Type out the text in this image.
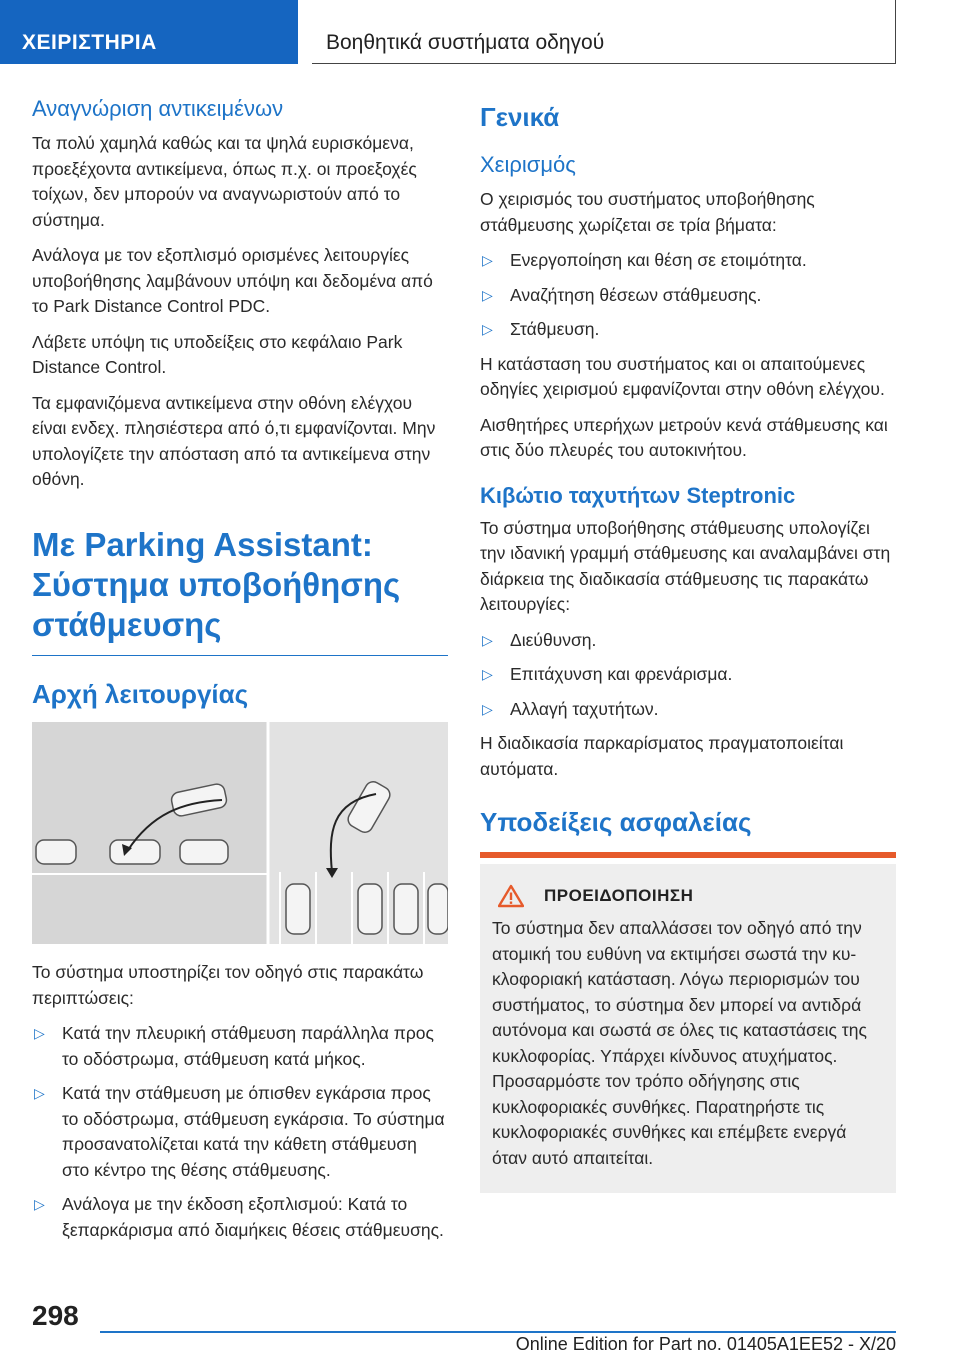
ΧΕΙΡΙΣΤΗΡΙΑ	Βοηθητικά συστήματα οδηγού
Αναγνώριση αντικειμένων

Τα πολύ χαμηλά καθώς και τα ψηλά ευρισκόμενα, προεξέχοντα αντικείμενα, όπως π.χ. οι προεξοχές τοίχων, δεν μπορούν να αναγνωριστούν από το σύστημα.

Ανάλογα με τον εξοπλισμό ορισμένες λειτουργίες υποβοήθησης λαμβάνουν υπόψη και δεδομένα από το Park Distance Control PDC.

Λάβετε υπόψη τις υποδείξεις στο κεφάλαιο Park Distance Control.

Τα εμφανιζόμενα αντικείμενα στην οθόνη ελέγχου είναι ενδεχ. πλησιέστερα από ό,τι εμφανίζονται. Μην υπολογίζετε την απόσταση από τα αντικείμενα στην οθόνη.

Με Parking Assistant:
Σύστημα υποβοήθησης
στάθμευσης
Αρχή λειτουργίας

Το σύστημα υποστηρίζει τον οδηγό στις παρακάτω περιπτώσεις:

▷ Κατά την πλευρική στάθμευση παράλληλα προς το οδόστρωμα, στάθμευση κατά μήκος.
▷ Κατά την στάθμευση με όπισθεν εγκάρσια προς το οδόστρωμα, στάθμευση εγκάρσια. Το σύστημα προσανατολίζεται κατά την κάθετη στάθμευση στο κέντρο της θέσης στάθμευσης.
▷ Ανάλογα με την έκδοση εξοπλισμού: Κατά το ξεπαρκάρισμα από διαμήκεις θέσεις στάθμευσης.
Γενικά
Χειρισμός

Ο χειρισμός του συστήματος υποβοήθησης στάθμευσης χωρίζεται σε τρία βήματα:

▷ Ενεργοποίηση και θέση σε ετοιμότητα.
▷ Αναζήτηση θέσεων στάθμευσης.
▷ Στάθμευση.

Η κατάσταση του συστήματος και οι απαιτούμενες οδηγίες χειρισμού εμφανίζονται στην οθόνη ελέγχου.

Αισθητήρες υπερήχων μετρούν κενά στάθμευσης και στις δύο πλευρές του αυτοκινήτου.

Κιβώτιο ταχυτήτων Steptronic

Το σύστημα υποβοήθησης στάθμευσης υπολογίζει την ιδανική γραμμή στάθμευσης και αναλαμβάνει στη διάρκεια της διαδικασία στάθμευσης τις παρακάτω λειτουργίες:

▷ Διεύθυνση.
▷ Επιτάχυνση και φρενάρισμα.
▷ Αλλαγή ταχυτήτων.

Η διαδικασία παρκαρίσματος πραγματοποιείται αυτόματα.

Υποδείξεις ασφαλείας
ΠΡΟΕΙΔΟΠΟΙΗΣΗ

Το σύστημα δεν απαλλάσσει τον οδηγό από την ατομική του ευθύνη να εκτιμήσει σωστά την κυκλοφοριακή κατάσταση. Λόγω περιορισμών του συστήματος, το σύστημα δεν μπορεί να αντιδρά αυτόνομα και σωστά σε όλες τις καταστάσεις της κυκλοφορίας. Υπάρχει κίνδυνος ατυχήματος. Προσαρμόστε τον τρόπο οδήγησης στις κυκλοφοριακές συνθήκες. Παρατηρήστε τις κυκλοφοριακές συνθήκες και επέμβετε ενεργά όταν αυτό απαιτείται.

298
Online Edition for Part no. 01405A1EE52 - X/20
